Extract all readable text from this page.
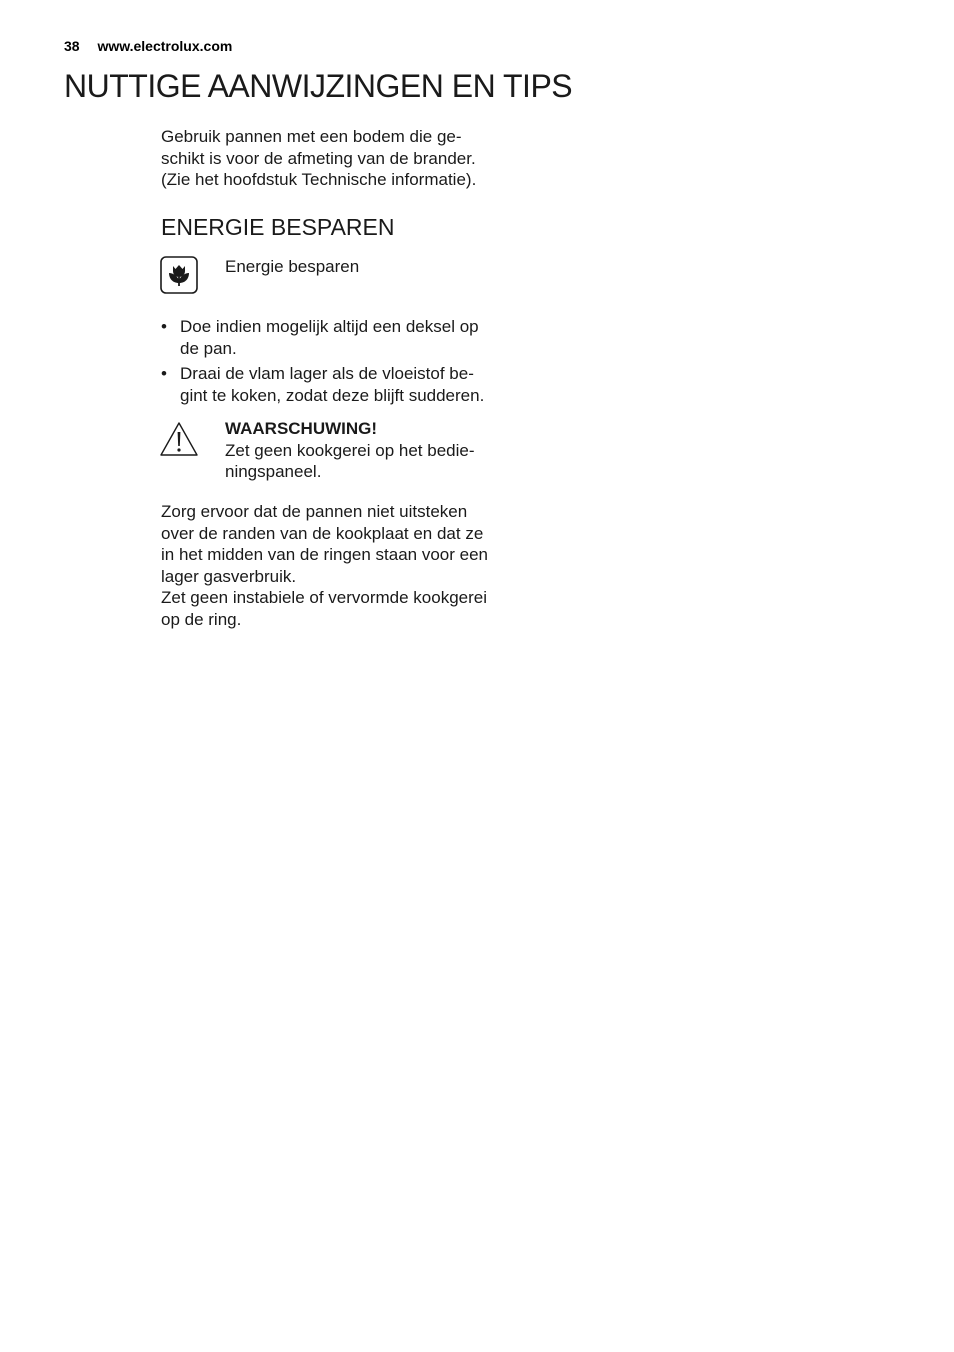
38 www.electrolux.com
NUTTIGE AANWIJZINGEN EN TIPS
Gebruik pannen met een bodem die ge-
schikt is voor de afmeting van de brander.
(Zie het hoofdstuk Technische informatie).
ENERGIE BESPAREN
Energie besparen
• Doe indien mogelijk altijd een deksel op
de pan.
• Draai de vlam lager als de vloeistof be-
gint te koken, zodat deze blijft sudderen.
WAARSCHUWING!
Zet geen kookgerei op het bedie-
ningspaneel.
Zorg ervoor dat de pannen niet uitsteken
over de randen van de kookplaat en dat ze
in het midden van de ringen staan voor een
lager gasverbruik.
Zet geen instabiele of vervormde kookgerei
op de ring.
